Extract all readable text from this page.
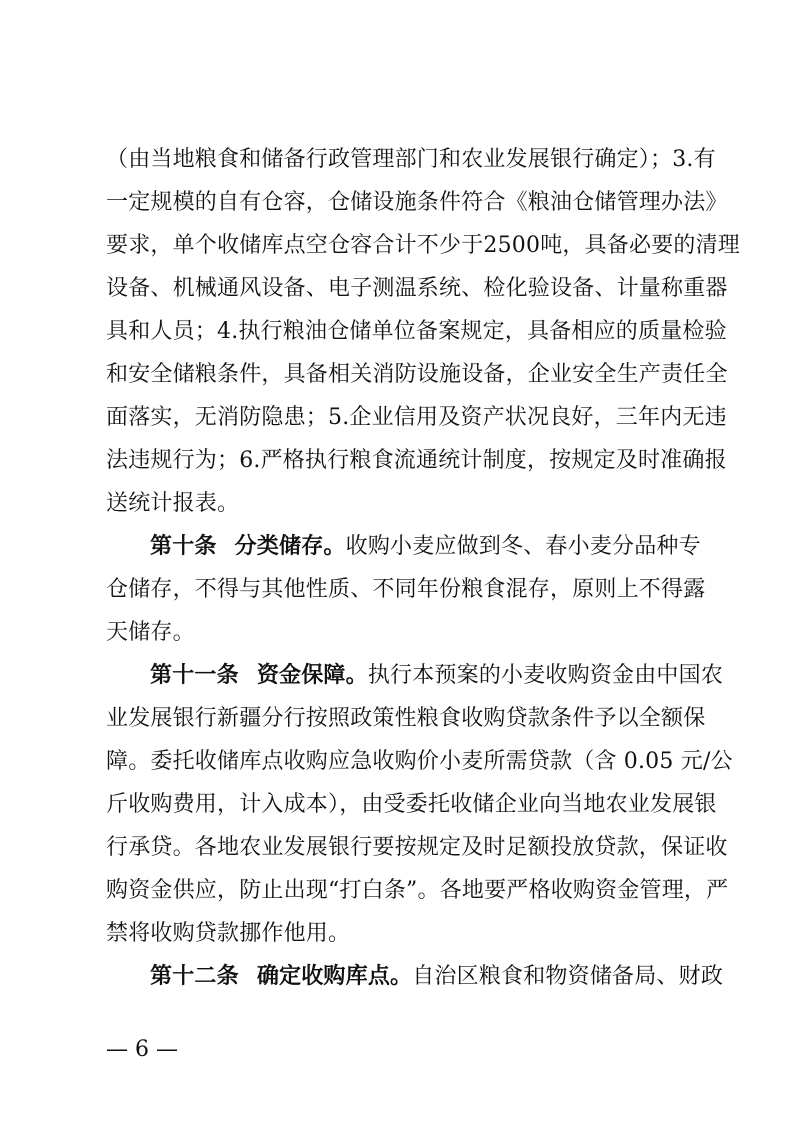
（由当地粮食和储备行政管理部门和农业发展银行确定）；3.有
一定规模的自有仓容，仓储设施条件符合《粮油仓储管理办法》
要求，单个收储库点空仓容合计不少于2500吨，具备必要的清理
设备、机械通风设备、电子测温系统、检化验设备、计量称重器
具和人员；4.执行粮油仓储单位备案规定，具备相应的质量检验
和安全储粮条件，具备相关消防设施设备，企业安全生产责任全
面落实，无消防隐患；5.企业信用及资产状况良好，三年内无违
法违规行为；6.严格执行粮食流通统计制度，按规定及时准确报
送统计报表。
第十条 分类储存。收购小麦应做到冬、春小麦分品种专
仓储存，不得与其他性质、不同年份粮食混存，原则上不得露
天储存。
第十一条 资金保障。执行本预案的小麦收购资金由中国农
业发展银行新疆分行按照政策性粮食收购贷款条件予以全额保
障。委托收储库点收购应急收购价小麦所需贷款（含 0.05 元/公
斤收购费用，计入成本），由受委托收储企业向当地农业发展银
行承贷。各地农业发展银行要按规定及时足额投放贷款，保证收
购资金供应，防止出现“打白条”。各地要严格收购资金管理，严
禁将收购贷款挪作他用。
第十二条 确定收购库点。自治区粮食和物资储备局、财政
— 6 —
